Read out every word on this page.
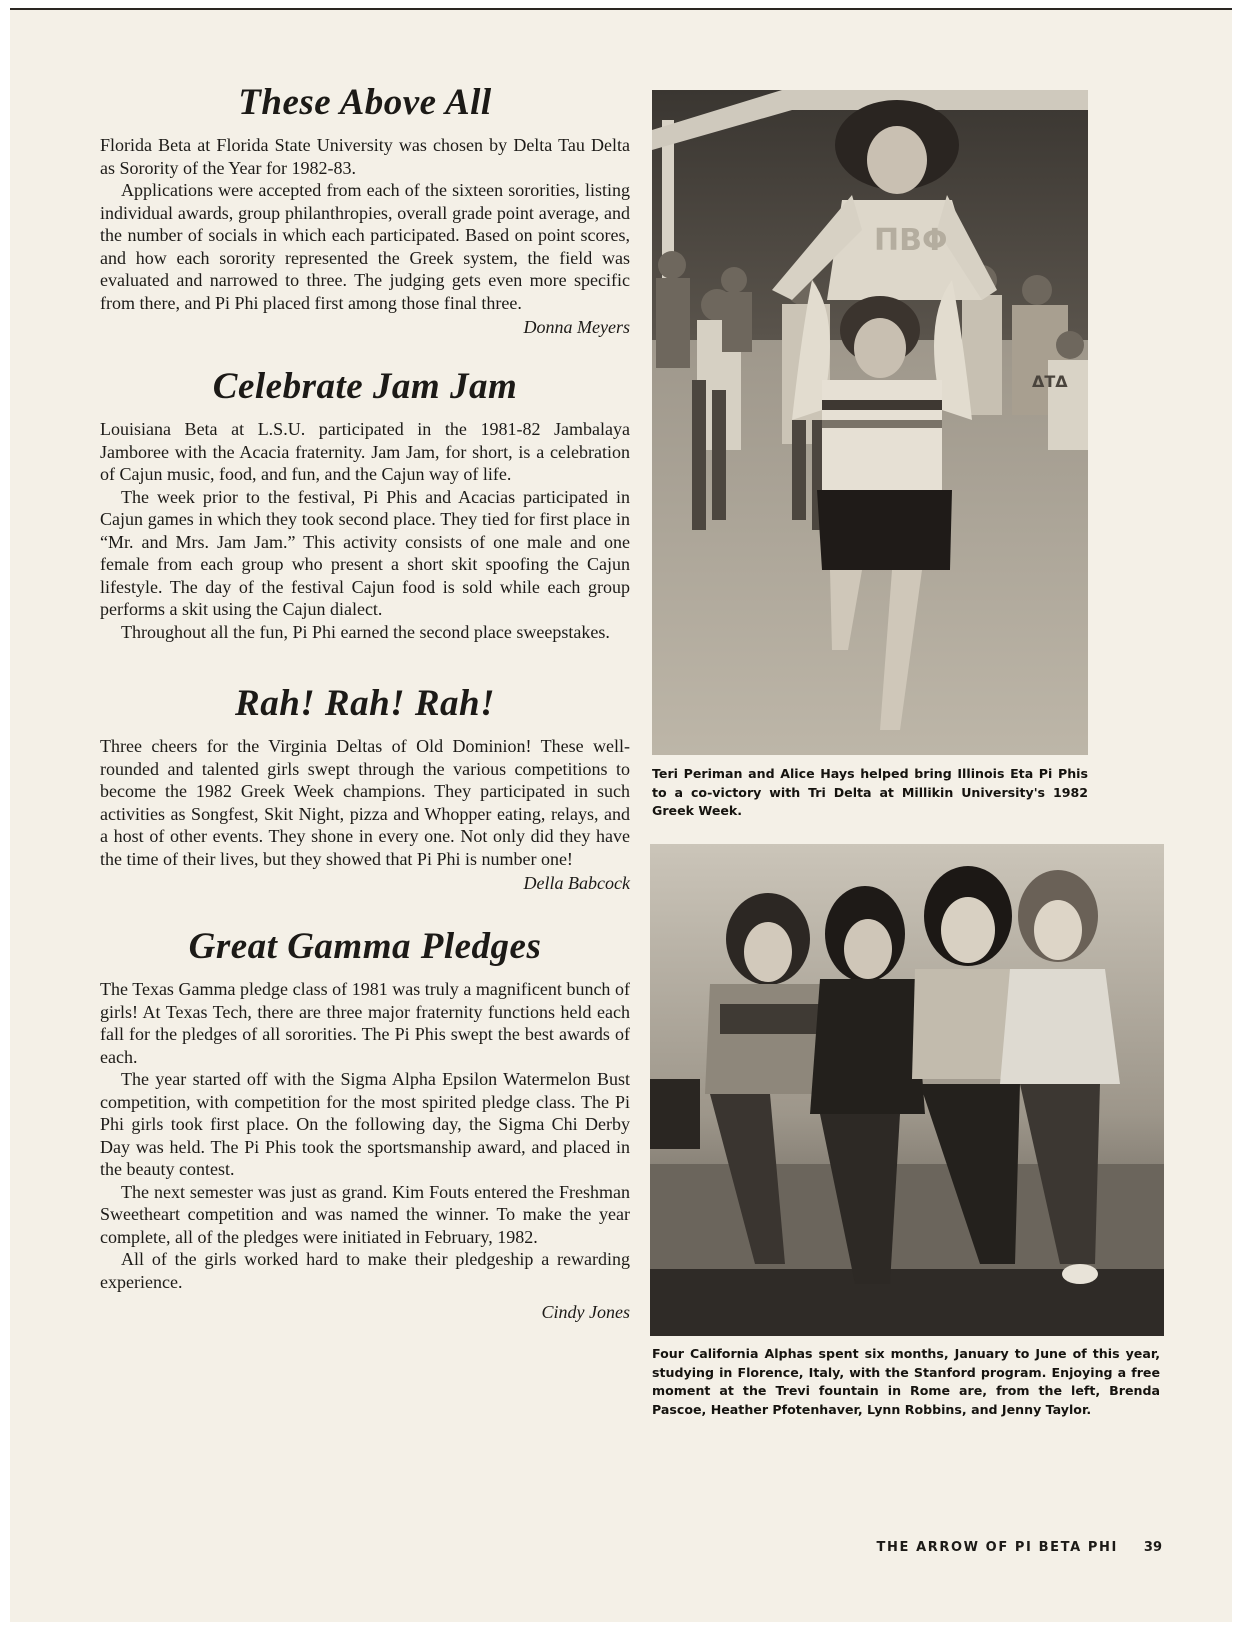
These Above All

Florida Beta at Florida State University was chosen by Delta Tau Delta as Sorority of the Year for 1982-83.

Applications were accepted from each of the sixteen sororities, listing individual awards, group philanthropies, overall grade point average, and the number of socials in which each participated. Based on point scores, and how each sorority represented the Greek system, the field was evaluated and narrowed to three. The judging gets even more specific from there, and Pi Phi placed first among those final three.

Donna Meyers

Celebrate Jam Jam

Louisiana Beta at L.S.U. participated in the 1981-82 Jambalaya Jamboree with the Acacia fraternity. Jam Jam, for short, is a celebration of Cajun music, food, and fun, and the Cajun way of life.

The week prior to the festival, Pi Phis and Acacias participated in Cajun games in which they took second place. They tied for first place in “Mr. and Mrs. Jam Jam.” This activity consists of one male and one female from each group who present a short skit spoofing the Cajun lifestyle. The day of the festival Cajun food is sold while each group performs a skit using the Cajun dialect.

Throughout all the fun, Pi Phi earned the second place sweepstakes.

Rah! Rah! Rah!

Three cheers for the Virginia Deltas of Old Dominion! These well-rounded and talented girls swept through the various competitions to become the 1982 Greek Week champions. They participated in such activities as Songfest, Skit Night, pizza and Whopper eating, relays, and a host of other events. They shone in every one. Not only did they have the time of their lives, but they showed that Pi Phi is number one!

Della Babcock

Great Gamma Pledges

The Texas Gamma pledge class of 1981 was truly a magnificent bunch of girls! At Texas Tech, there are three major fraternity functions held each fall for the pledges of all sororities. The Pi Phis swept the best awards of each.

The year started off with the Sigma Alpha Epsilon Watermelon Bust competition, with competition for the most spirited pledge class. The Pi Phi girls took first place. On the following day, the Sigma Chi Derby Day was held. The Pi Phis took the sportsmanship award, and placed in the beauty contest.

The next semester was just as grand. Kim Fouts entered the Freshman Sweetheart competition and was named the winner. To make the year complete, all of the pledges were initiated in February, 1982.

All of the girls worked hard to make their pledgeship a rewarding experience.

Cindy Jones

ΠΒΦ
ΔΤΔ
Teri Periman and Alice Hays helped bring Illinois Eta Pi Phis to a co-victory with Tri Delta at Millikin University's 1982 Greek Week.
Four California Alphas spent six months, January to June of this year, studying in Florence, Italy, with the Stanford program. Enjoying a free moment at the Trevi fountain in Rome are, from the left, Brenda Pascoe, Heather Pfotenhaver, Lynn Robbins, and Jenny Taylor.
THE ARROW OF PI BETA PHI 39
